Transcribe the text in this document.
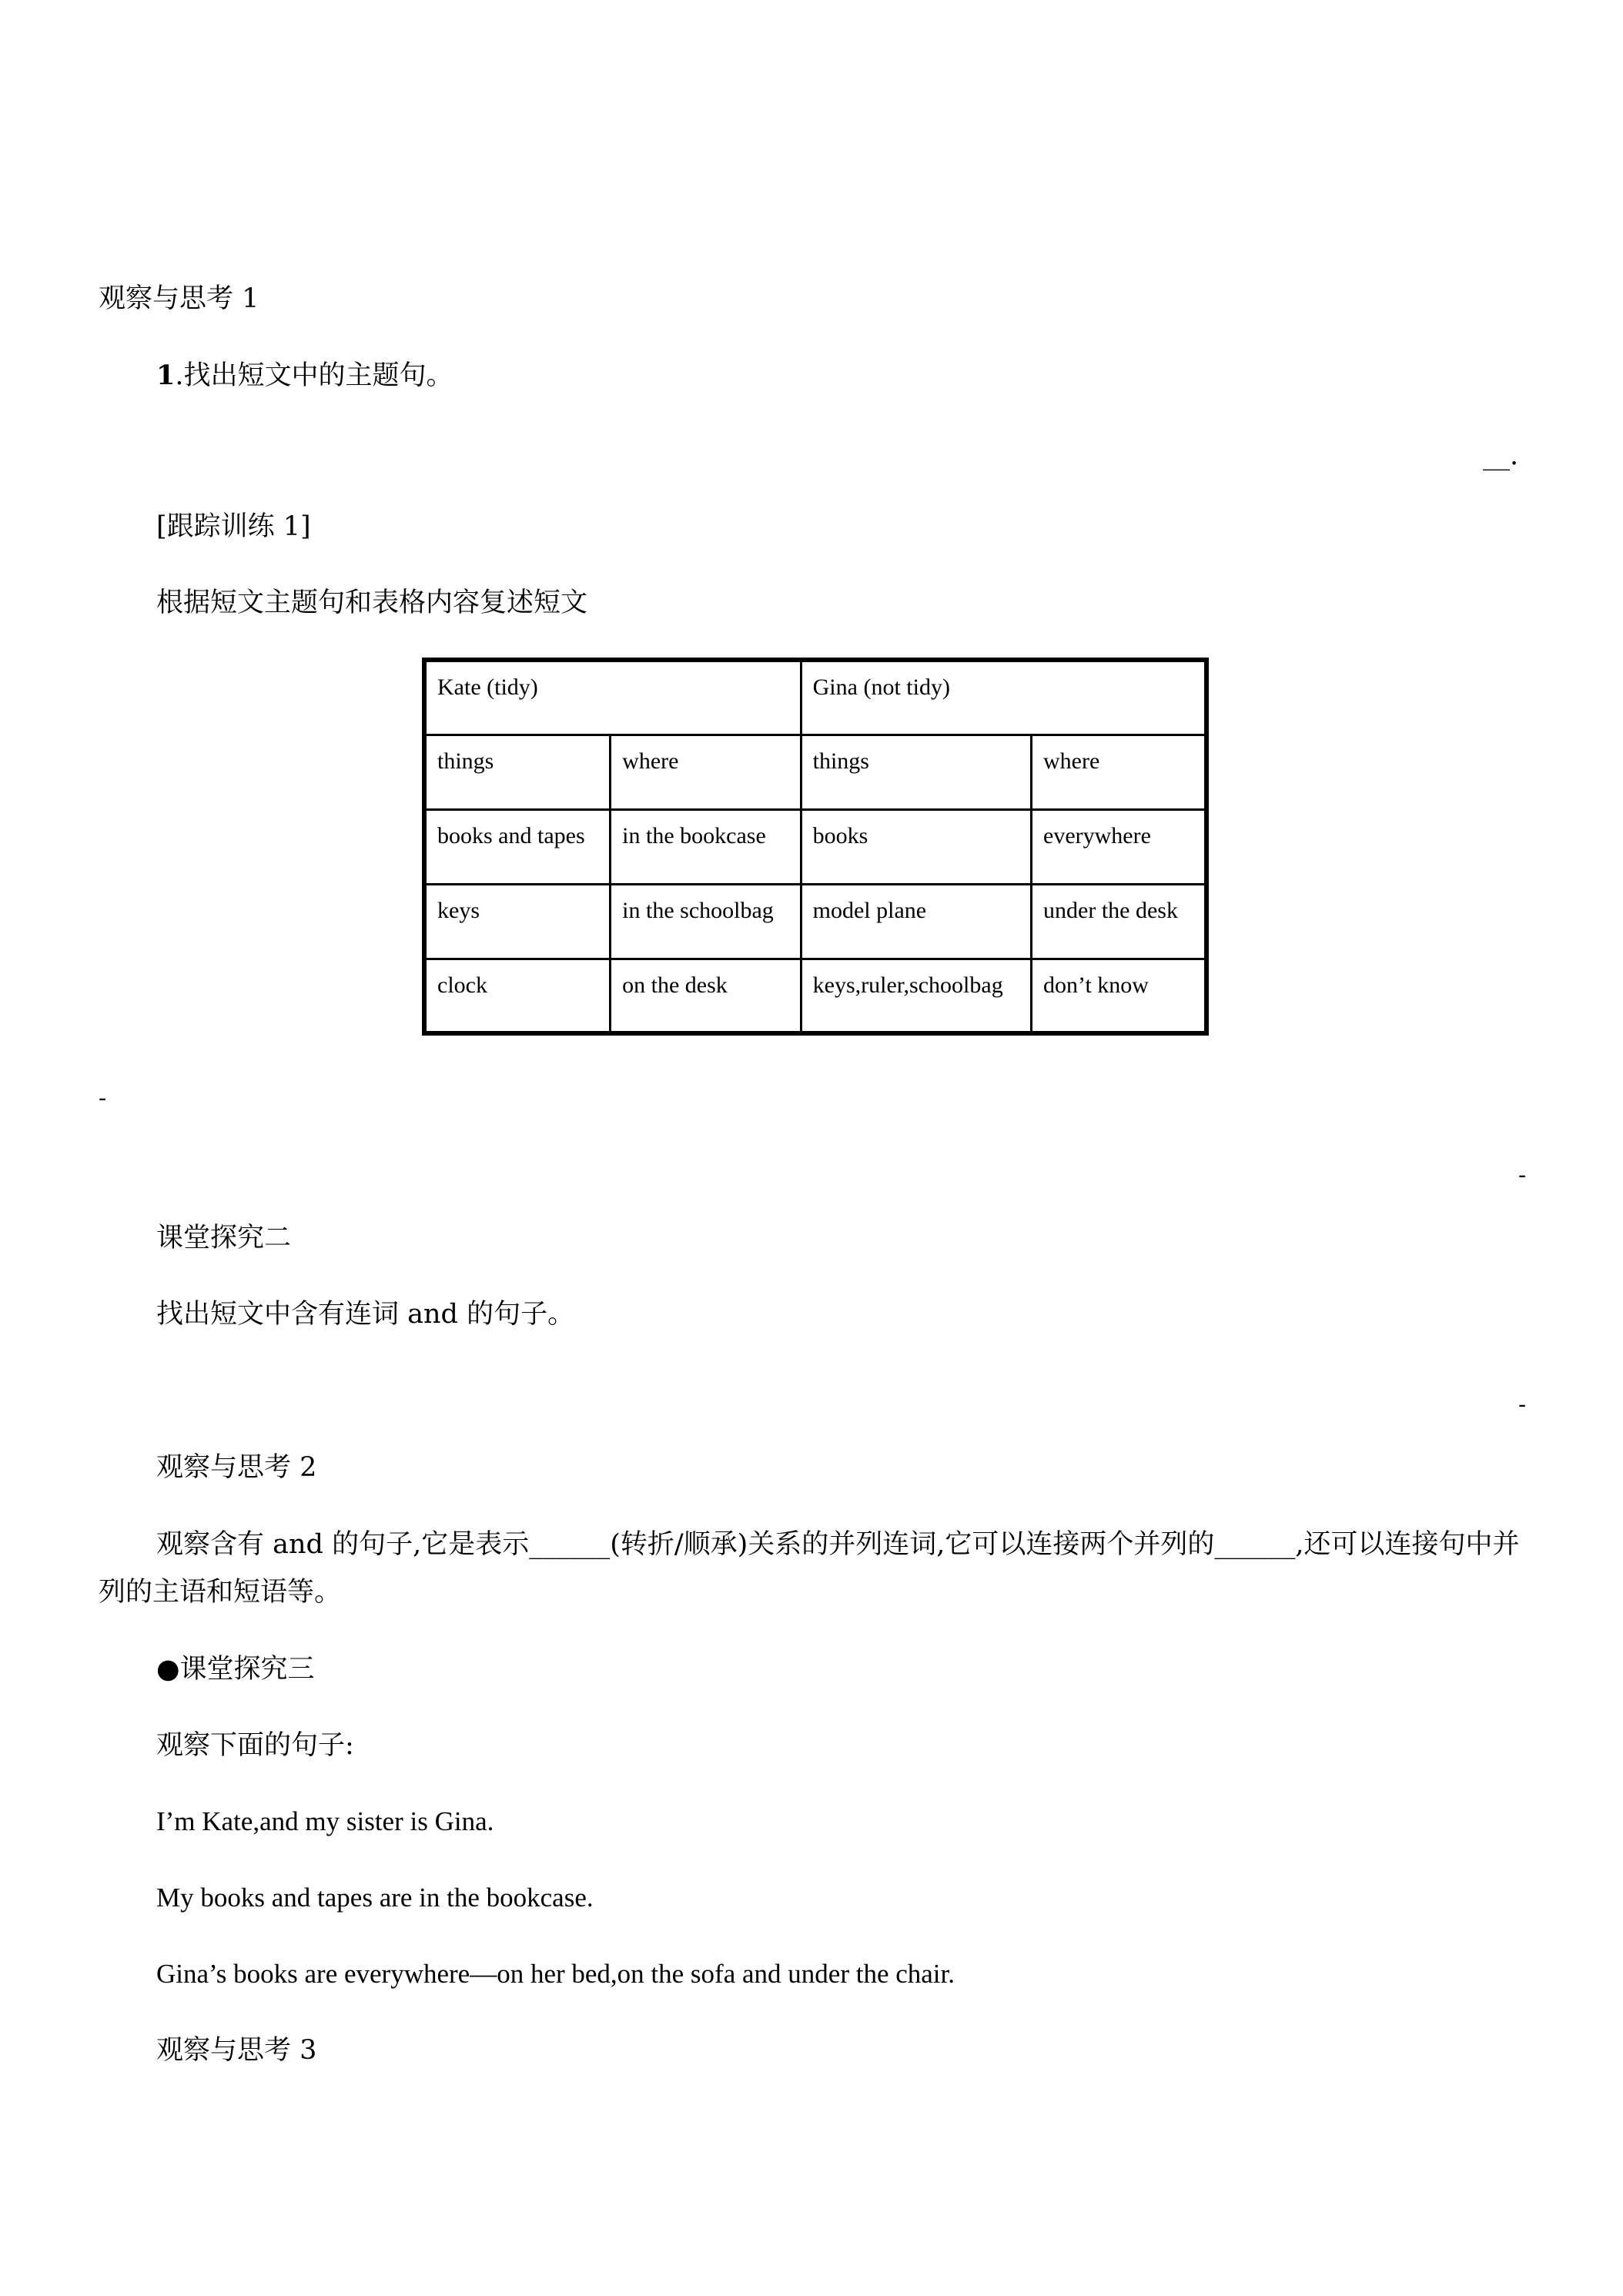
观察与思考 1
1.找出短文中的主题句。
__.
[跟踪训练 1]
根据短文主题句和表格内容复述短文
Kate (tidy)		Gina (not tidy)	
things	where	things	where
books and tapes	in the bookcase	books	everywhere
keys	in the schoolbag	model plane	under the desk
clock	on the desk	keys,ruler,schoolbag	don’t know
-
-
课堂探究二
找出短文中含有连词 and 的句子。
-
观察与思考 2
观察含有 and 的句子,它是表示______(转折/顺承)关系的并列连词,它可以连接两个并列的______,还可以连接句中并列的主语和短语等。
●课堂探究三
观察下面的句子:
I’m Kate,and my sister is Gina.
My books and tapes are in the bookcase.
Gina’s books are everywhere—on her bed,on the sofa and under the chair.
观察与思考 3
